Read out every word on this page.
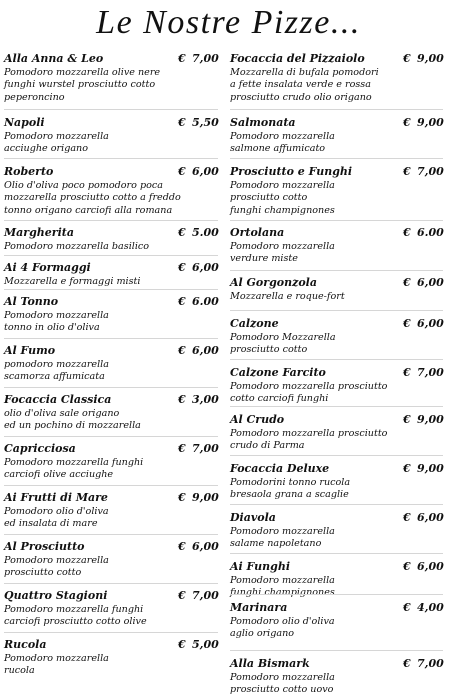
Le Nostre Pizze...
Alla Anna & Leo	€ 7,00
Pomodoro mozzarella olive nere
funghi wurstel prosciutto cotto
peperoncino
Napoli	€ 5,50
Pomodoro mozzarella
acciughe origano
Roberto	€ 6,00
Olio d'oliva poco pomodoro poca
mozzarella prosciutto cotto a freddo
tonno origano carciofi alla romana
Margherita	€ 5.00
Pomodoro mozzarella basilico
Ai 4 Formaggi	€ 6,00
Mozzarella e formaggi misti
Al Tonno	€ 6.00
Pomodoro mozzarella
tonno in olio d'oliva
Al Fumo	€ 6,00
pomodoro mozzarella
scamorza affumicata
Focaccia Classica	€ 3,00
olio d'oliva sale origano
ed un pochino di mozzarella
Capricciosa	€ 7,00
Pomodoro mozzarella funghi
carciofi olive acciughe
Ai Frutti di Mare	€ 9,00
Pomodoro olio d'oliva
ed insalata di mare
Al Prosciutto	€ 6,00
Pomodoro mozzarella
prosciutto cotto
Quattro Stagioni	€ 7,00
Pomodoro mozzarella funghi
carciofi prosciutto cotto olive
Rucola	€ 5,00
Pomodoro mozzarella
rucola
Focaccia del Pizzaiolo	€ 9,00
Mozzarella di bufala pomodori
a fette insalata verde e rossa
prosciutto crudo olio origano
Salmonata	€ 9,00
Pomodoro mozzarella
salmone affumicato
Prosciutto e Funghi	€ 7,00
Pomodoro mozzarella
prosciutto cotto
funghi champignones
Ortolana	€ 6.00
Pomodoro mozzarella
verdure miste
Al Gorgonzola	€ 6,00
Mozzarella e roque-fort
Calzone	€ 6,00
Pomodoro Mozzarella
prosciutto cotto
Calzone Farcito	€ 7,00
Pomodoro mozzarella prosciutto
cotto carciofi funghi
Al Crudo	€ 9,00
Pomodoro mozzarella prosciutto
crudo di Parma
Focaccia Deluxe	€ 9,00
Pomodorini tonno rucola
bresaola grana a scaglie
Diavola	€ 6,00
Pomodoro mozzarella
salame napoletano
Ai Funghi	€ 6,00
Pomodoro mozzarella
funghi champignones
Marinara	€ 4,00
Pomodoro olio d'oliva
aglio origano
Alla Bismark	€ 7,00
Pomodoro mozzarella
prosciutto cotto uovo
